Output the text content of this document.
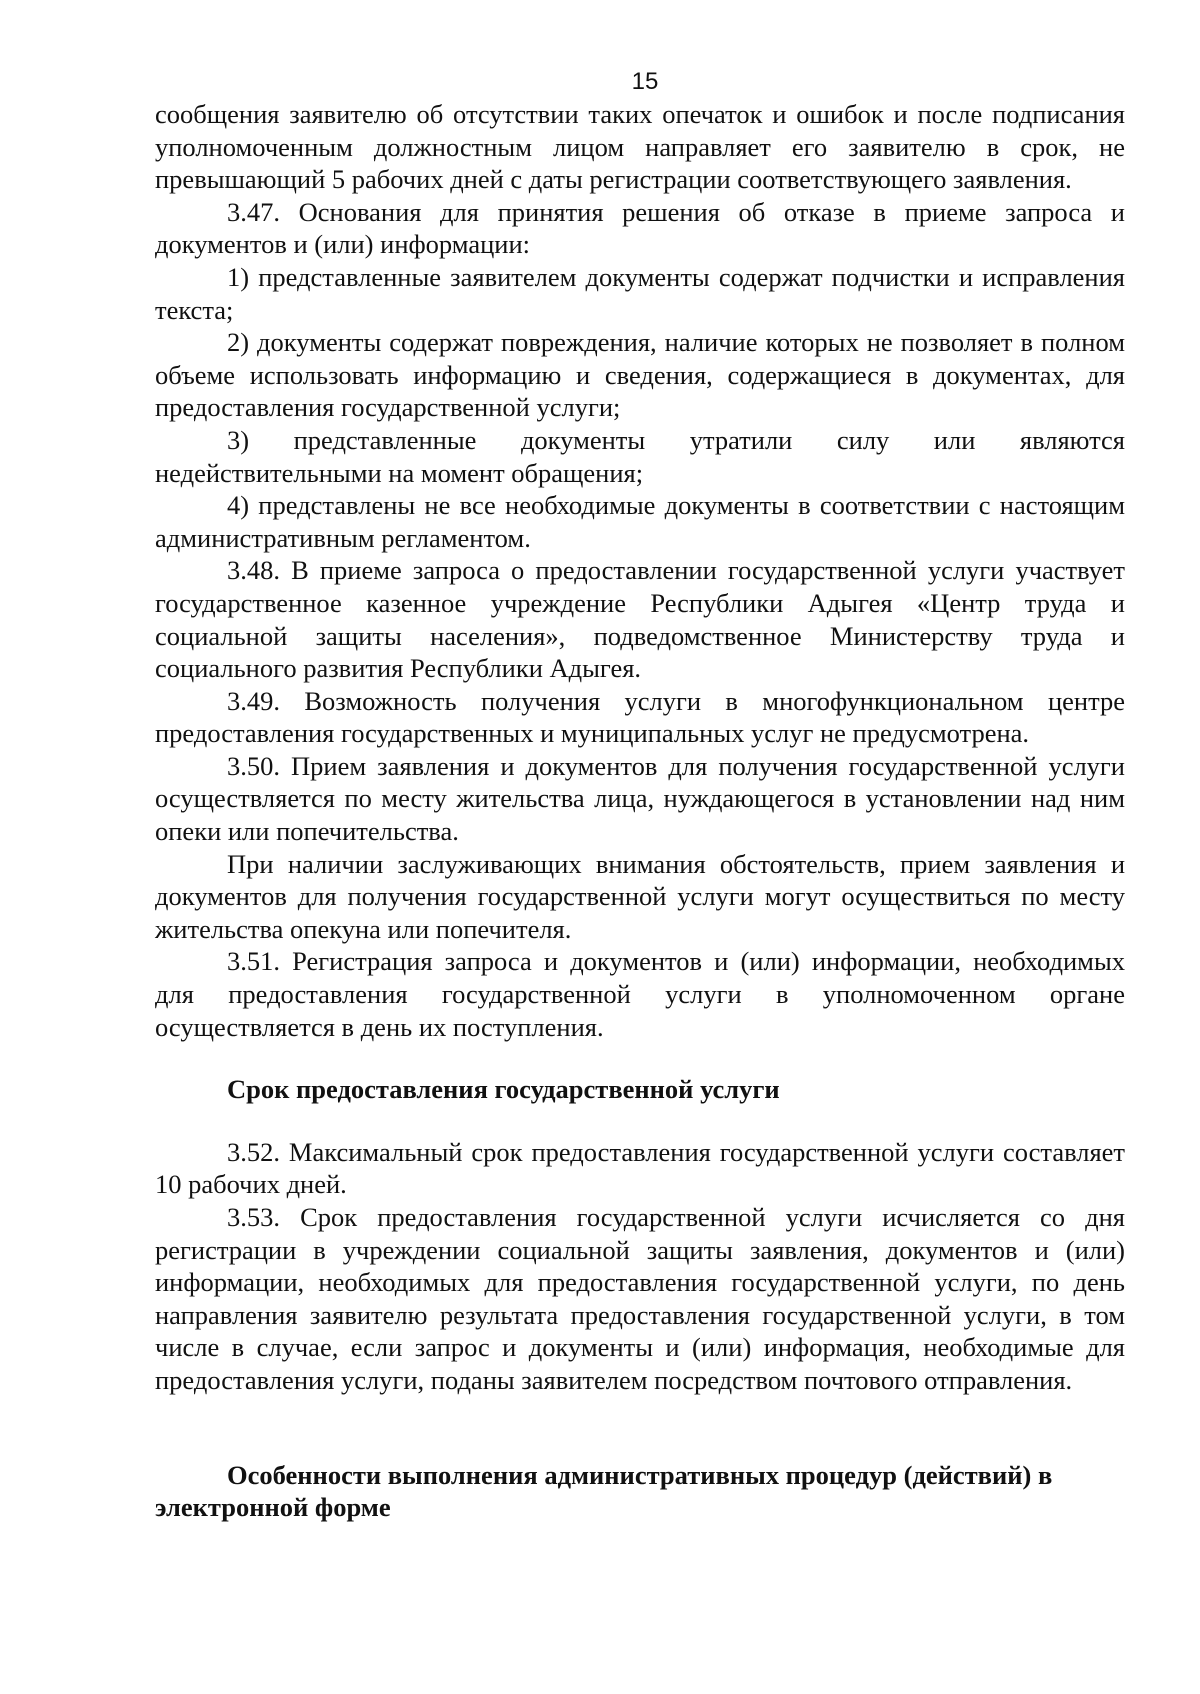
15

сообщения заявителю об отсутствии таких опечаток и ошибок и после подписания уполномоченным должностным лицом направляет его заявителю в срок, не превышающий 5 рабочих дней с даты регистрации соответствующего заявления.

3.47. Основания для принятия решения об отказе в приеме запроса и документов и (или) информации:

1) представленные заявителем документы содержат подчистки и исправления текста;

2) документы содержат повреждения, наличие которых не позволяет в полном объеме использовать информацию и сведения, содержащиеся в документах, для предоставления государственной услуги;

3) представленные документы утратили силу или являются недействительными на момент обращения;

4) представлены не все необходимые документы в соответствии с настоящим административным регламентом.

3.48. В приеме запроса о предоставлении государственной услуги участвует государственное казенное учреждение Республики Адыгея «Центр труда и социальной защиты населения», подведомственное Министерству труда и социального развития Республики Адыгея.

3.49. Возможность получения услуги в многофункциональном центре предоставления государственных и муниципальных услуг не предусмотрена.

3.50. Прием заявления и документов для получения государственной услуги осуществляется по месту жительства лица, нуждающегося в установлении над ним опеки или попечительства.

При наличии заслуживающих внимания обстоятельств, прием заявления и документов для получения государственной услуги могут осуществиться по месту жительства опекуна или попечителя.

3.51. Регистрация запроса и документов и (или) информации, необходимых для предоставления государственной услуги в уполномоченном органе осуществляется в день их поступления.

Срок предоставления государственной услуги

3.52. Максимальный срок предоставления государственной услуги составляет 10 рабочих дней.

3.53. Срок предоставления государственной услуги исчисляется со дня регистрации в учреждении социальной защиты заявления, документов и (или) информации, необходимых для предоставления государственной услуги, по день направления заявителю результата предоставления государственной услуги, в том числе в случае, если запрос и документы и (или) информация, необходимые для предоставления услуги, поданы заявителем посредством почтового отправления.

Особенности выполнения административных процедур (действий) в электронной форме
